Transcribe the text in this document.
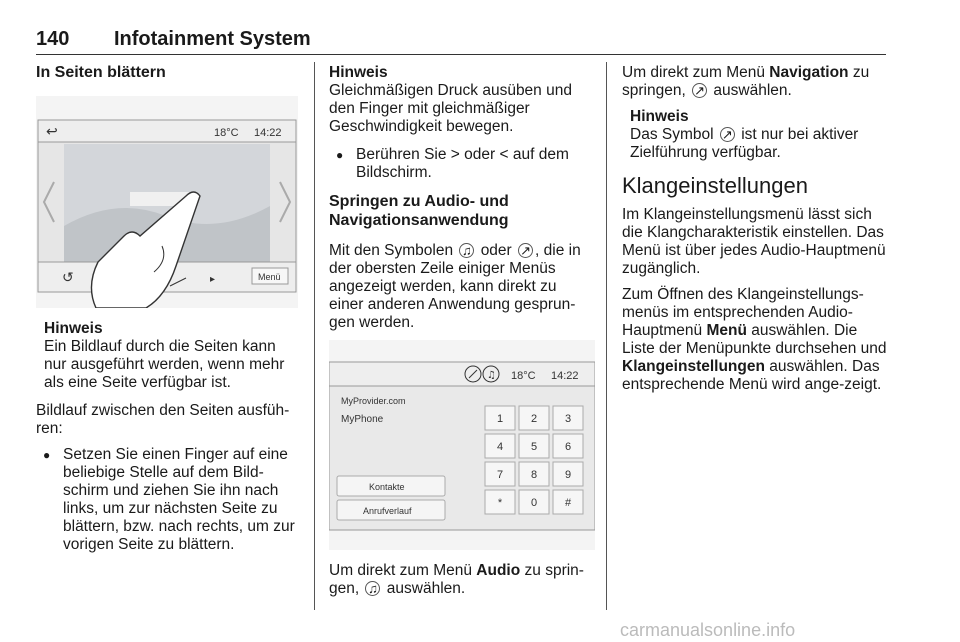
140 Infotainment System
In Seiten blättern
↩	18°C 14:22
↺	▸	Menü
Hinweis
Ein Bildlauf durch die Seiten kann nur ausgeführt werden, wenn mehr als eine Seite verfügbar ist.

Bildlauf zwischen den Seiten ausfüh-ren:

● Setzen Sie einen Finger auf eine beliebige Stelle auf dem Bild-schirm und ziehen Sie ihn nach links, um zur nächsten Seite zu blättern, bzw. nach rechts, um zur vorigen Seite zu blättern.
Hinweis
Gleichmäßigen Druck ausüben und den Finger mit gleichmäßiger Geschwindigkeit bewegen.
● Berühren Sie > oder < auf dem Bildschirm.
Springen zu Audio- und Navigationsanwendung

Mit den Symbolen ♫ oder ↗ , die in der obersten Zeile einiger Menüs angezeigt werden, kann direkt zu einer anderen Anwendung gesprun-gen werden.

♫ 18°C 14:22
MyProvider.com
MyPhone
Kontakte
Anrufverlauf
1	2	3
4	5	6
7	8	9
*	0	#

Um direkt zum Menü Audio zu sprin-gen, ♫ auswählen.

Um direkt zum Menü Navigation zu springen, ↗ auswählen.

Hinweis
Das Symbol ↗ ist nur bei aktiver Zielführung verfügbar.
Klangeinstellungen

Im Klangeinstellungsmenü lässt sich die Klangcharakteristik einstellen. Das Menü ist über jedes Audio-Hauptmenü zugänglich.

Zum Öffnen des Klangeinstellungs-menüs im entsprechenden Audio-Hauptmenü Menü auswählen. Die Liste der Menüpunkte durchsehen und Klangeinstellungen auswählen. Das entsprechende Menü wird ange-zeigt.

carmanualsonline.info
